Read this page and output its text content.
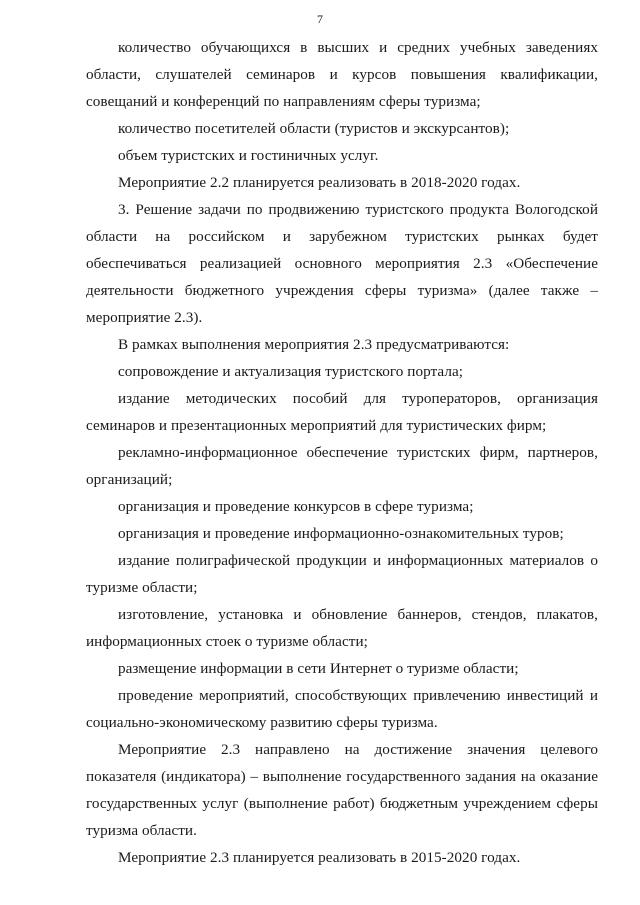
7

количество обучающихся в высших и средних учебных заведениях области, слушателей семинаров и курсов повышения квалификации, совещаний и конференций по направлениям сферы туризма;

количество посетителей области (туристов и экскурсантов);

объем туристских и гостиничных услуг.

Мероприятие 2.2 планируется реализовать в 2018-2020 годах.

3. Решение задачи по продвижению туристского продукта Вологодской области на российском и зарубежном туристских рынках будет обеспечиваться реализацией основного мероприятия 2.3 «Обеспечение деятельности бюджетного учреждения сферы туризма» (далее также – мероприятие 2.3).

В рамках выполнения мероприятия 2.3 предусматриваются:

сопровождение и актуализация туристского портала;

издание методических пособий для туроператоров, организация семинаров и презентационных мероприятий для туристических фирм;

рекламно-информационное обеспечение туристских фирм, партнеров, организаций;

организация и проведение конкурсов в сфере туризма;

организация и проведение информационно-ознакомительных туров;

издание полиграфической продукции и информационных материалов о туризме области;

изготовление, установка и обновление баннеров, стендов, плакатов, информационных стоек о туризме области;

размещение информации в сети Интернет о туризме области;

проведение мероприятий, способствующих привлечению инвестиций и социально-экономическому развитию сферы туризма.

Мероприятие 2.3 направлено на достижение значения целевого показателя (индикатора) – выполнение государственного задания на оказание государственных услуг (выполнение работ) бюджетным учреждением сферы туризма области.

Мероприятие 2.3 планируется реализовать в 2015-2020 годах.
